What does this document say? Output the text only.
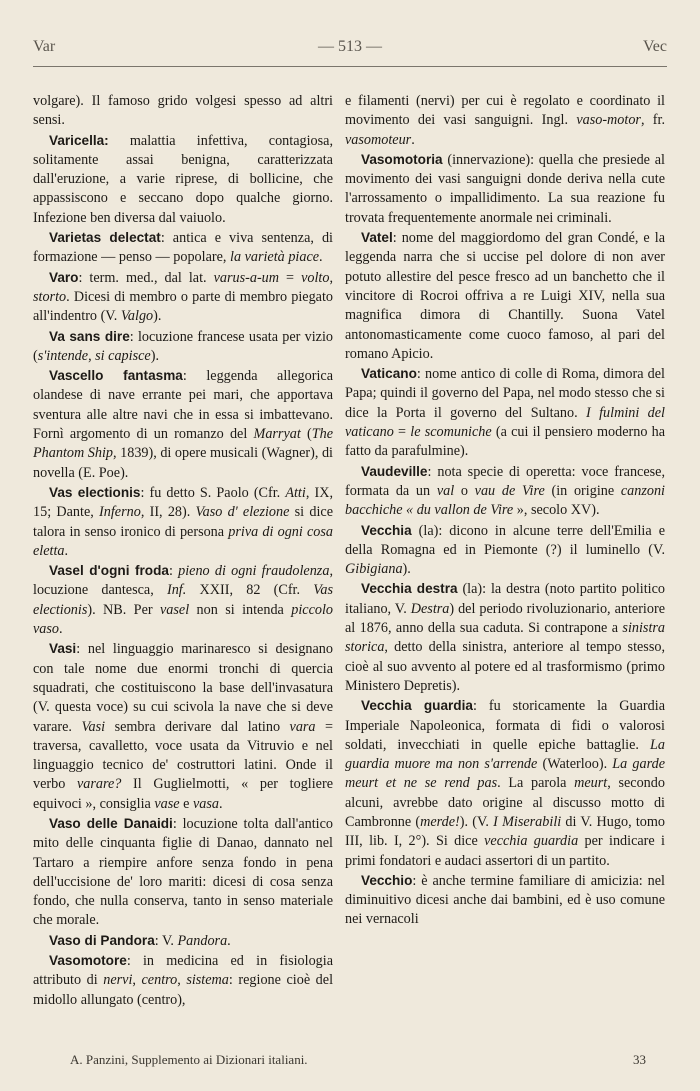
Var	— 513 —	Vec

volgare). Il famoso grido volgesi spesso ad altri sensi.

Varicella: malattia infettiva, contagiosa, solitamente assai benigna, caratterizzata dall'eruzione, a varie riprese, di bollicine, che appassiscono e seccano dopo qualche giorno. Infezione ben diversa dal vaiuolo.

Varietas delectat: antica e viva sentenza, di formazione — penso — popolare, la varietà piace.

Varo: term. med., dal lat. varus-a-um = volto, storto. Dicesi di membro o parte di membro piegato all'indentro (V. Valgo).

Va sans dire: locuzione francese usata per vizio (s'intende, si capisce).

Vascello fantasma: leggenda allegorica olandese di nave errante pei mari, che apportava sventura alle altre navi che in essa si imbattevano. Fornì argomento di un romanzo del Marryat (The Phantom Ship, 1839), di opere musicali (Wagner), di novella (E. Poe).

Vas electionis: fu detto S. Paolo (Cfr. Atti, IX, 15; Dante, Inferno, II, 28). Vaso d' elezione si dice talora in senso ironico di persona priva di ogni cosa eletta.

Vasel d'ogni froda: pieno di ogni fraudolenza, locuzione dantesca, Inf. XXII, 82 (Cfr. Vas electionis). NB. Per vasel non si intenda piccolo vaso.

Vasi: nel linguaggio marinaresco si designano con tale nome due enormi tronchi di quercia squadrati, che costituiscono la base dell'invasatura (V. questa voce) su cui scivola la nave che si deve varare. Vasi sembra derivare dal latino vara = traversa, cavalletto, voce usata da Vitruvio e nel linguaggio tecnico de' costruttori latini. Onde il verbo varare? Il Guglielmotti, « per togliere equivoci », consiglia vase e vasa.

Vaso delle Danaidi: locuzione tolta dall'antico mito delle cinquanta figlie di Danao, dannato nel Tartaro a riempire anfore senza fondo in pena dell'uccisione de' loro mariti: dicesi di cosa senza fondo, che nulla conserva, tanto in senso materiale che morale.

Vaso di Pandora: V. Pandora.

Vasomotore: in medicina ed in fisiologia attributo di nervi, centro, sistema: regione cioè del midollo allungato (centro),

e filamenti (nervi) per cui è regolato e coordinato il movimento dei vasi sanguigni. Ingl. vaso-motor, fr. vasomoteur.

Vasomotoria (innervazione): quella che presiede al movimento dei vasi sanguigni donde deriva nella cute l'arrossamento o impallidimento. La sua reazione fu trovata frequentemente anormale nei criminali.

Vatel: nome del maggiordomo del gran Condé, e la leggenda narra che si uccise pel dolore di non aver potuto allestire del pesce fresco ad un banchetto che il vincitore di Rocroi offriva a re Luigi XIV, nella sua magnifica dimora di Chantilly. Suona Vatel antonomasticamente come cuoco famoso, al pari del romano Apicio.

Vaticano: nome antico di colle di Roma, dimora del Papa; quindi il governo del Papa, nel modo stesso che si dice la Porta il governo del Sultano. I fulmini del vaticano = le scomuniche (a cui il pensiero moderno ha fatto da parafulmine).

Vaudeville: nota specie di operetta: voce francese, formata da un val o vau de Vire (in origine canzoni bacchiche « du vallon de Vire », secolo XV).

Vecchia (la): dicono in alcune terre dell'Emilia e della Romagna ed in Piemonte (?) il luminello (V. Gibigiana).

Vecchia destra (la): la destra (noto partito politico italiano, V. Destra) del periodo rivoluzionario, anteriore al 1876, anno della sua caduta. Si contrapone a sinistra storica, detto della sinistra, anteriore al tempo stesso, cioè al suo avvento al potere ed al trasformismo (primo Ministero Depretis).

Vecchia guardia: fu storicamente la Guardia Imperiale Napoleonica, formata di fidi o valorosi soldati, invecchiati in quelle epiche battaglie. La guardia muore ma non s'arrende (Waterloo). La garde meurt et ne se rend pas. La parola meurt, secondo alcuni, avrebbe dato origine al discusso motto di Cambronne (merde!). (V. I Miserabili di V. Hugo, tomo III, lib. I, 2°). Si dice vecchia guardia per indicare i primi fondatori e audaci assertori di un partito.

Vecchio: è anche termine familiare di amicizia: nel diminuitivo dicesi anche dai bambini, ed è uso comune nei vernacoli

A. Panzini, Supplemento ai Dizionari italiani.	33
